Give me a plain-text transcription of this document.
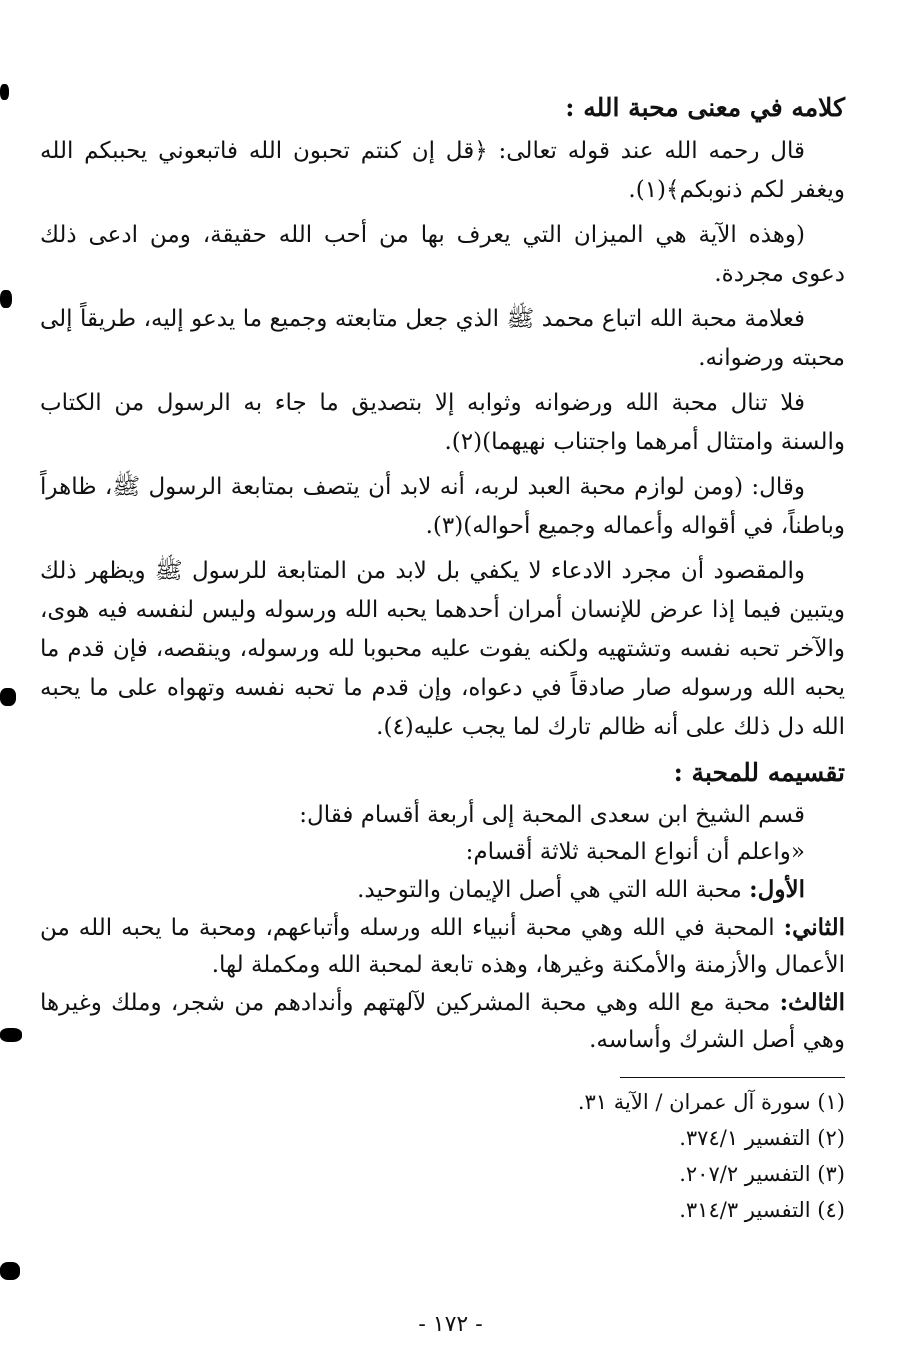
كلامه في معنى محبة الله :

قال رحمه الله عند قوله تعالى: ﴿قل إن كنتم تحبون الله فاتبعوني يحببكم الله ويغفر لكم ذنوبكم﴾(١).

(وهذه الآية هي الميزان التي يعرف بها من أحب الله حقيقة، ومن ادعى ذلك دعوى مجردة.

فعلامة محبة الله اتباع محمد ﷺ الذي جعل متابعته وجميع ما يدعو إليه، طريقاً إلى محبته ورضوانه.

فلا تنال محبة الله ورضوانه وثوابه إلا بتصديق ما جاء به الرسول من الكتاب والسنة وامتثال أمرهما واجتناب نهيهما)(٢).

وقال: (ومن لوازم محبة العبد لربه، أنه لابد أن يتصف بمتابعة الرسول ﷺ، ظاهراً وباطناً، في أقواله وأعماله وجميع أحواله)(٣).

والمقصود أن مجرد الادعاء لا يكفي بل لابد من المتابعة للرسول ﷺ ويظهر ذلك ويتبين فيما إذا عرض للإنسان أمران أحدهما يحبه الله ورسوله وليس لنفسه فيه هوى، والآخر تحبه نفسه وتشتهيه ولكنه يفوت عليه محبوبا لله ورسوله، وينقصه، فإن قدم ما يحبه الله ورسوله صار صادقاً في دعواه، وإن قدم ما تحبه نفسه وتهواه على ما يحبه الله دل ذلك على أنه ظالم تارك لما يجب عليه(٤).

تقسيمه للمحبة :

قسم الشيخ ابن سعدى المحبة إلى أربعة أقسام فقال:

«واعلم أن أنواع المحبة ثلاثة أقسام:

الأول: محبة الله التي هي أصل الإيمان والتوحيد.

الثاني: المحبة في الله وهي محبة أنبياء الله ورسله وأتباعهم، ومحبة ما يحبه الله من الأعمال والأزمنة والأمكنة وغيرها، وهذه تابعة لمحبة الله ومكملة لها.

الثالث: محبة مع الله وهي محبة المشركين لآلهتهم وأندادهم من شجر، وملك وغيرها وهي أصل الشرك وأساسه.

(١) سورة آل عمران / الآية ٣١.

(٢) التفسير ٣٧٤/١.

(٣) التفسير ٢٠٧/٢.

(٤) التفسير ٣١٤/٣.

- ١٧٢ -
